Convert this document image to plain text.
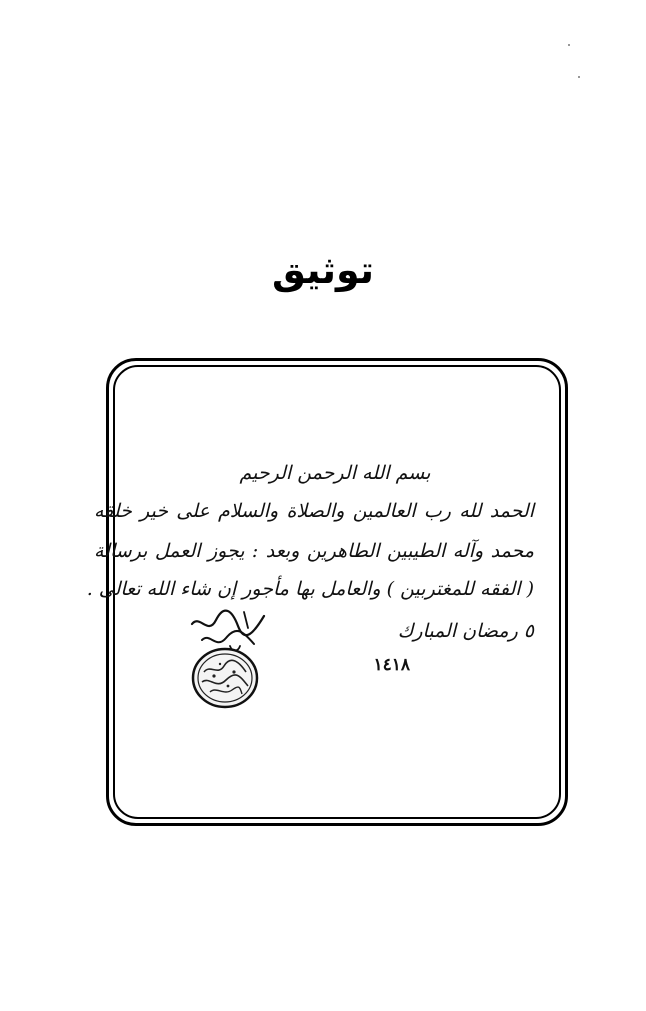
توثيق
بسم الله الرحمن الرحيم
الحمد لله رب العالمين والصلاة والسلام على خير خلقه
محمد وآله الطيبين الطاهرين وبعد : يجوز العمل برسالة
( الفقه للمغتربين ) والعامل بها مأجور إن شاء الله تعالى .
٥ رمضان المبارك
١٤١٨
